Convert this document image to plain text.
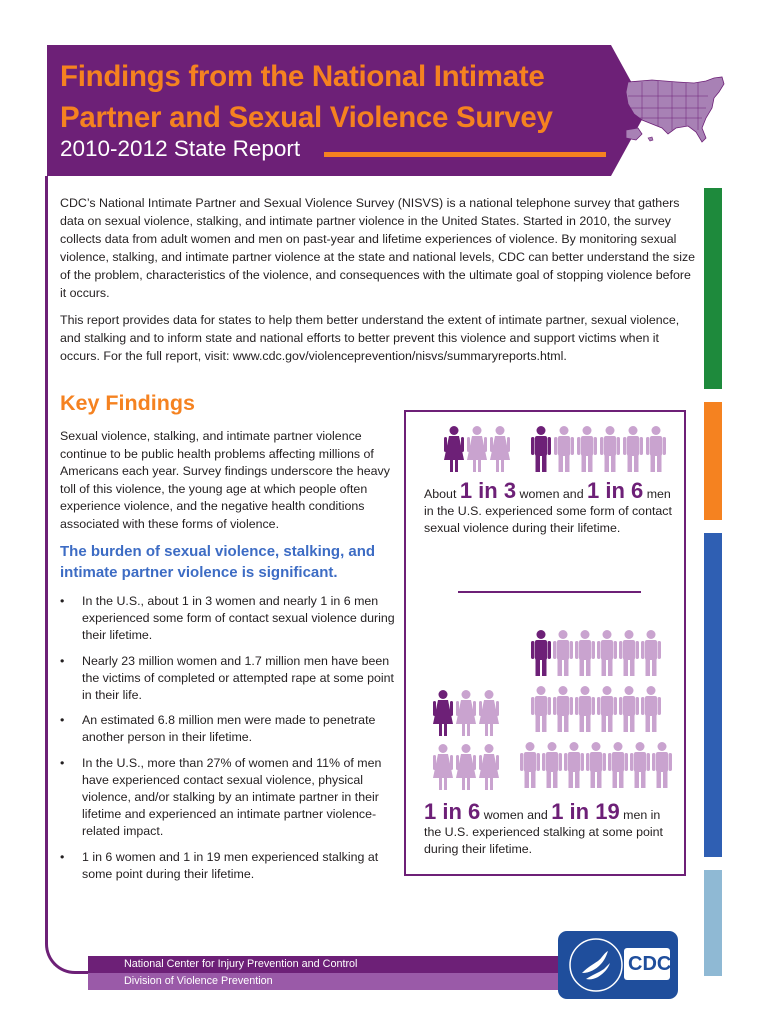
Findings from the National Intimate
Partner and Sexual Violence Survey
2010-2012 State Report

CDC’s National Intimate Partner and Sexual Violence Survey (NISVS) is a national telephone survey that gathers data on sexual violence, stalking, and intimate partner violence in the United States. Started in 2010, the survey collects data from adult women and men on past-year and lifetime experiences of violence. By monitoring sexual violence, stalking, and intimate partner violence at the state and national levels, CDC can better understand the size of the problem, characteristics of the violence, and consequences with the ultimate goal of stopping violence before it occurs.

This report provides data for states to help them better understand the extent of intimate partner, sexual violence, and stalking and to inform state and national efforts to better prevent this violence and support victims when it occurs. For the full report, visit: www.cdc.gov/violenceprevention/nisvs/summaryreports.html.

Key Findings

Sexual violence, stalking, and intimate partner violence continue to be public health problems affecting millions of Americans each year. Survey findings underscore the heavy toll of this violence, the young age at which people often experience violence, and the negative health conditions associated with these forms of violence.

The burden of sexual violence, stalking, and intimate partner violence is significant.

• In the U.S., about 1 in 3 women and nearly 1 in 6 men experienced some form of contact sexual violence during their lifetime.
• Nearly 23 million women and 1.7 million men have been the victims of completed or attempted rape at some point in their life.
• An estimated 6.8 million men were made to penetrate another person in their lifetime.
• In the U.S., more than 27% of women and 11% of men have experienced contact sexual violence, physical violence, and/or stalking by an intimate partner in their lifetime and experienced an intimate partner violence-related impact.
• 1 in 6 women and 1 in 19 men experienced stalking at some point during their lifetime.
About 1 in 3 women and 1 in 6 men
in the U.S. experienced some form of contact sexual violence during their lifetime.
1 in 6 women and 1 in 19 men in
the U.S. experienced stalking at some point during their lifetime.
National Center for Injury Prevention and Control
Division of Violence Prevention
CDC
